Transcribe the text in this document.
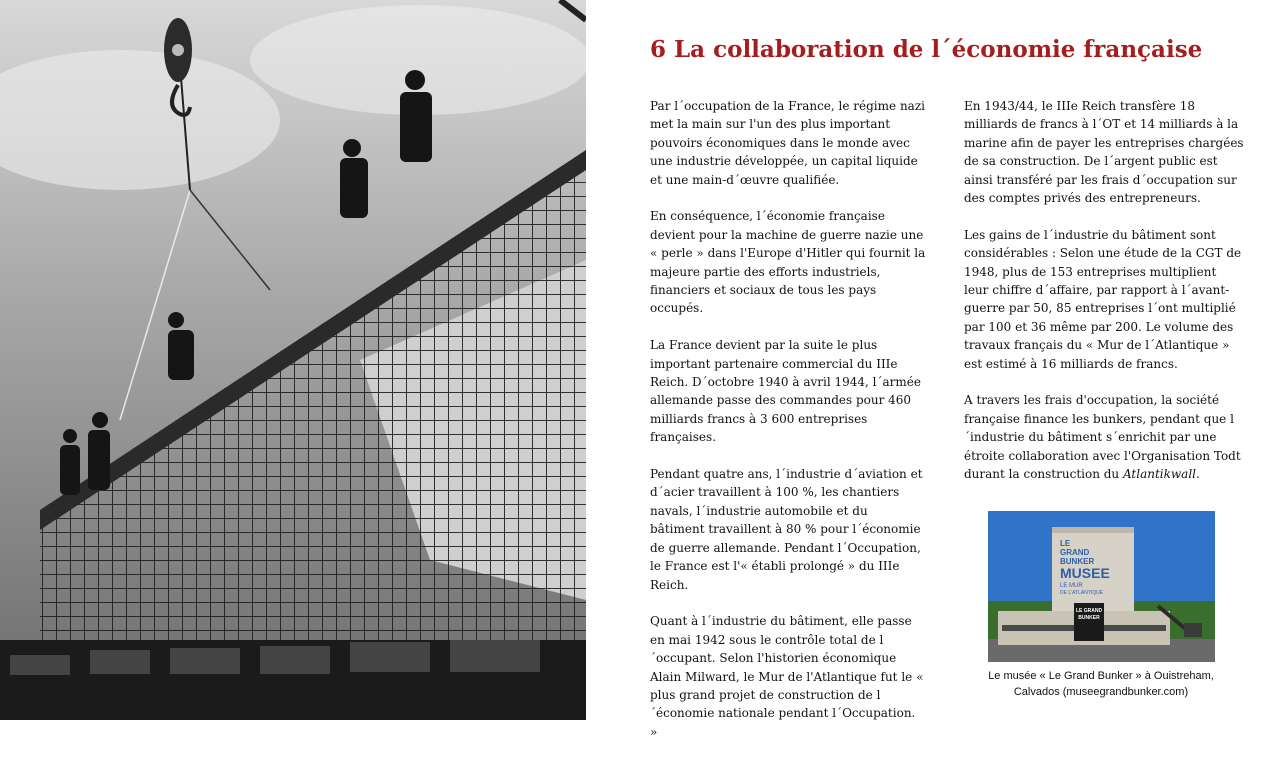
6 La collaboration de l´économie française

Par l´occupation de la France, le régime nazi met la main sur l'un des plus important pouvoirs économiques dans le monde avec une industrie développée, un capital liquide et une main-d´œuvre qualifiée.

En conséquence, l´économie française devient pour la machine de guerre nazie une « perle » dans l'Europe d'Hitler qui fournit la majeure partie des efforts industriels, financiers et sociaux de tous les pays occupés.

La France devient par la suite le plus important partenaire commercial du IIIe Reich. D´octobre 1940 à avril 1944, l´armée allemande passe des commandes pour 460 milliards francs à 3 600 entreprises françaises.

Pendant quatre ans, l´industrie d´aviation et d´acier travaillent à 100 %, les chantiers navals, l´industrie automobile et du bâtiment travaillent à 80 % pour l´économie de guerre allemande. Pendant l´Occupation, le France est l'« établi prolongé » du IIIe Reich.

Quant à l´industrie du bâtiment, elle passe en mai 1942 sous le contrôle total de l´occupant. Selon l'historien économique Alain Milward, le Mur de l'Atlantique fut le « plus grand projet de construction de l´économie nationale pendant l´Occupation. »

En 1943/44, le IIIe Reich transfère 18 milliards de francs à l´OT et 14 milliards à la marine afin de payer les entreprises chargées de sa construction. De l´argent public est ainsi transféré par les frais d´occupation sur des comptes privés des entrepreneurs.

Les gains de l´industrie du bâtiment sont considérables : Selon une étude de la CGT de 1948, plus de 153 entreprises multiplient leur chiffre d´affaire, par rapport à l´avant-guerre par 50, 85 entreprises l´ont multiplié par 100 et 36 même par 200. Le volume des travaux français du « Mur de l´Atlantique » est estimé à 16 milliards de francs.

A travers les frais d'occupation, la société française finance les bunkers, pendant que l´industrie du bâtiment s´enrichit par une étroite collaboration avec l'Organisation Todt durant la construction du Atlantikwall.

LE GRAND
BUNKER
LE
GRAND
BUNKER
MUSEE
LE MUR
DE L'ATLANTIQUE
Le musée « Le Grand Bunker » à Ouistreham,
Calvados (museegrandbunker.com)
